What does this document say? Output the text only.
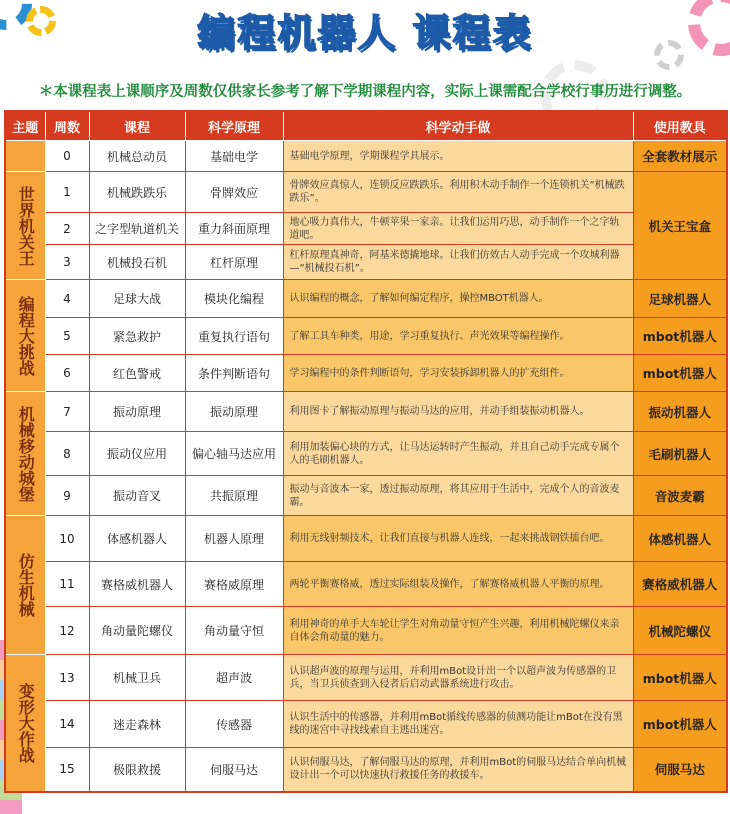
编程机器人 课程表
＊本课程表上课顺序及周数仅供家长参考了解下学期课程内容，实际上课需配合学校行事历进行调整。
主题	周数	课程	科学原理	科学动手做	使用教具
	0	机械总动员	基础电学	基础电学原理，学期课程学具展示。	全套教材展示
世界机关王	1	机械跌跌乐	骨牌效应	骨牌效应真惊人，连锁反应跌跌乐。利用积木动手制作一个连锁机关“机械跌跌乐”。	机关王宝盒
	2	之字型轨道机关	重力斜面原理	地心吸力真伟大，牛顿苹果一家亲。让我们运用巧思，动手制作一个之字轨道吧。	
	3	机械投石机	杠杆原理	杠杆原理真神奇，阿基米德撬地球。让我们仿效古人动手完成一个攻城利器—“机械投石机”。	
编程大挑战	4	足球大战	模块化编程	认识编程的概念，了解如何编定程序，操控MBOT机器人。	足球机器人
	5	紧急救护	重复执行语句	了解工具车种类，用途，学习重复执行、声光效果等编程操作。	mbot机器人
	6	红色警戒	条件判断语句	学习编程中的条件判断语句，学习安装拆卸机器人的扩充组件。	mbot机器人
机械移动城堡	7	振动原理	振动原理	利用图卡了解振动原理与振动马达的应用，并动手组装振动机器人。	振动机器人
	8	振动仪应用	偏心轴马达应用	利用加装偏心块的方式，让马达运转时产生振动，并且自己动手完成专属个人的毛刷机器人。	毛刷机器人
	9	振动音叉	共振原理	振动与音波本一家，透过振动原理，将其应用于生活中，完成个人的音波麦霸。	音波麦霸
仿生机械	10	体感机器人	机器人原理	利用无线射频技术，让我们直接与机器人连线，一起来挑战钢铁擂台吧。	体感机器人
	11	赛格威机器人	赛格威原理	两轮平衡赛格威，透过实际组装及操作，了解赛格威机器人平衡的原理。	赛格威机器人
	12	角动量陀螺仪	角动量守恒	利用神奇的单手大车轮让学生对角动量守恒产生兴趣，利用机械陀螺仪来亲自体会角动量的魅力。	机械陀螺仪
变形大作战	13	机械卫兵	超声波	认识超声波的原理与运用，并利用mBot设计出一个以超声波为传感器的卫兵，当卫兵侦查到入侵者后启动武器系统进行攻击。	mbot机器人
	14	迷走森林	传感器	认识生活中的传感器，并利用mBot循线传感器的侦测功能让mBot在没有黑线的迷宫中寻找线索自主逃出迷宫。	mbot机器人
	15	极限救援	伺服马达	认识伺服马达，了解伺服马达的原理，并利用mBot的伺服马达结合单向机械设计出一个可以快速执行救援任务的救援车。	伺服马达
